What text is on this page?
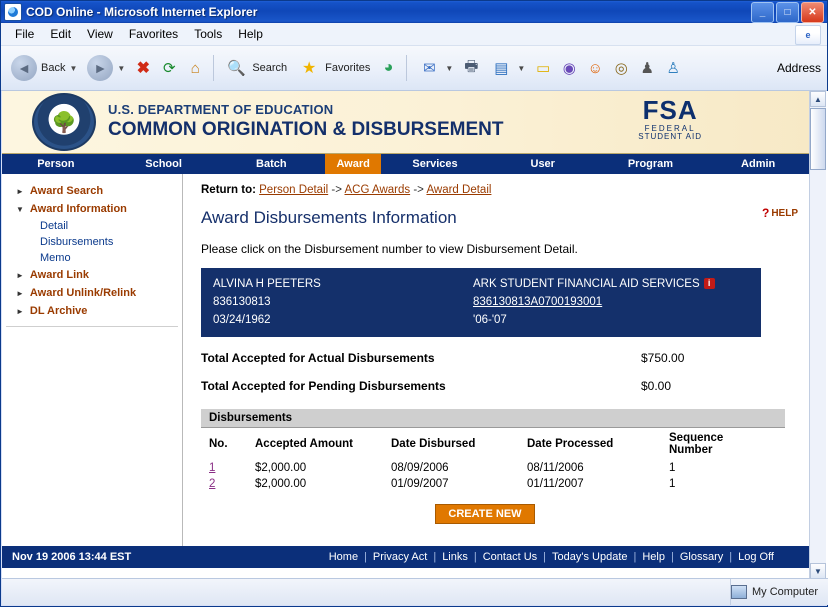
COD Online - Microsoft Internet Explorer	_	□	✕
File	Edit	View	Favorites	Tools	Help	e
◄ Back ▼	►	▼ ✖ ⟳	⌂	🔍 Search ★ Favorites ◕	✉	▼ 🖶	▤	▼ ▭ ◉ ☺ ◎ ♟ ♙	Address
🌳
U.S. DEPARTMENT OF EDUCATION
COMMON ORIGINATION & DISBURSEMENT
FSA
FEDERAL
STUDENT AID
Person	School	Batch	Award	Services	User	Program	Admin
► Award Search
▼ Award Information
Detail
Disbursements
Memo
► Award Link
► Award Unlink/Relink
► DL Archive
Return to: Person Detail -> ACG Awards -> Award Detail
Award Disbursements Information	? HELP
Please click on the Disbursement number to view Disbursement Detail.
ALVINA H PEETERS
836130813
03/24/1962
ARK STUDENT FINANCIAL AID SERVICES i
836130813A0700193001
'06-'07
Total Accepted for Actual Disbursements	$750.00
Total Accepted for Pending Disbursements	$0.00
Disbursements
No.	Accepted Amount	Date Disbursed	Date Processed	Sequence Number
1	$2,000.00	08/09/2006	08/11/2006	1
2	$2,000.00	01/09/2007	01/11/2007	1
CREATE NEW
Nov 19 2006 13:44 EST	Home | Privacy Act | Links | Contact Us | Today's Update | Help | Glossary | Log Off
▲
▼
My Computer
